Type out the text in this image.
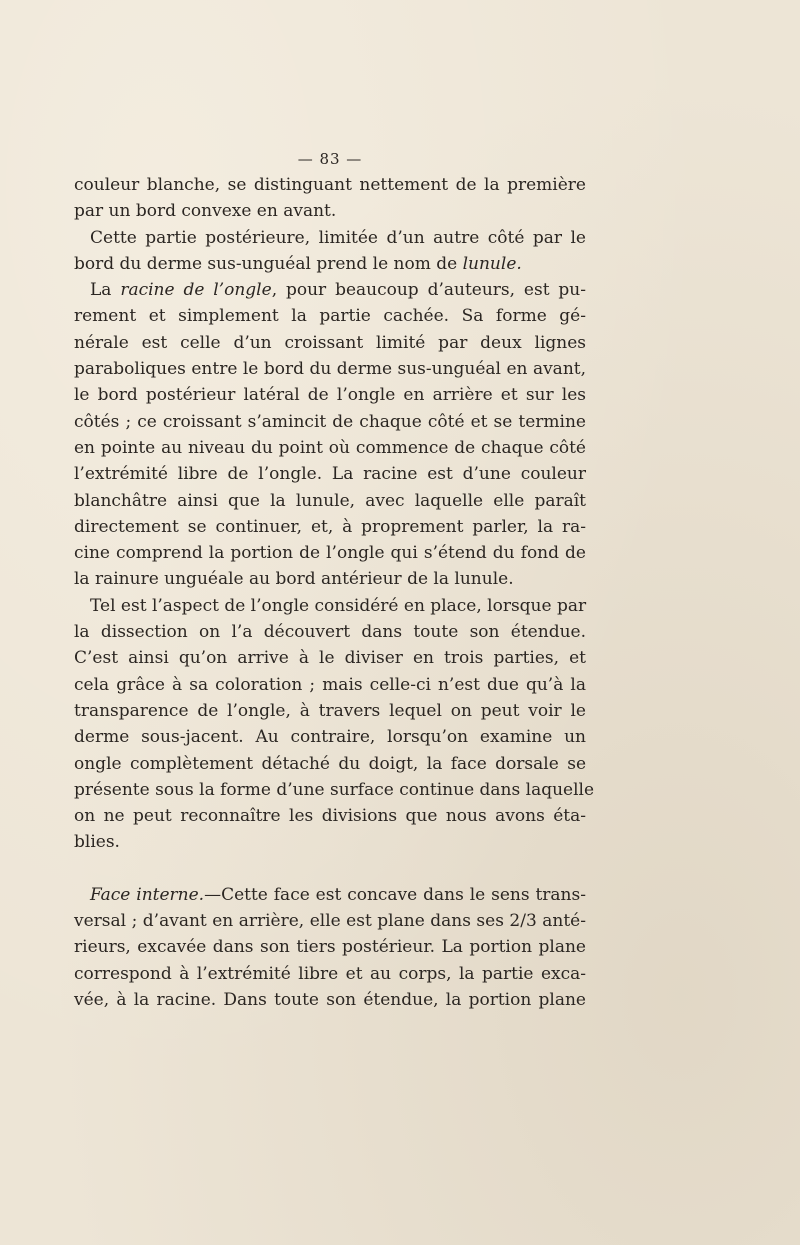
— 83 —
couleur blanche, se distinguant nettement de la première
par un bord convexe en avant.
Cette partie postérieure, limitée d’un autre côté par le
bord du derme sus-unguéal prend le nom de lunule.
La racine de l’ongle, pour beaucoup d’auteurs, est pu-
rement et simplement la partie cachée. Sa forme gé-
nérale est celle d’un croissant limité par deux lignes
paraboliques entre le bord du derme sus-unguéal en avant,
le bord postérieur latéral de l’ongle en arrière et sur les
côtés ; ce croissant s’amincit de chaque côté et se termine
en pointe au niveau du point où commence de chaque côté
l’extrémité libre de l’ongle. La racine est d’une couleur
blanchâtre ainsi que la lunule, avec laquelle elle paraît
directement se continuer, et, à proprement parler, la ra-
cine comprend la portion de l’ongle qui s’étend du fond de
la rainure unguéale au bord antérieur de la lunule.
Tel est l’aspect de l’ongle considéré en place, lorsque par
la dissection on l’a découvert dans toute son étendue.
C’est ainsi qu’on arrive à le diviser en trois parties, et
cela grâce à sa coloration ; mais celle-ci n’est due qu’à la
transparence de l’ongle, à travers lequel on peut voir le
derme sous-jacent. Au contraire, lorsqu’on examine un
ongle complètement détaché du doigt, la face dorsale se
présente sous la forme d’une surface continue dans laquelle
on ne peut reconnaître les divisions que nous avons éta-
blies.
Face interne.—Cette face est concave dans le sens trans-
versal ; d’avant en arrière, elle est plane dans ses 2/3 anté-
rieurs, excavée dans son tiers postérieur. La portion plane
correspond à l’extrémité libre et au corps, la partie exca-
vée, à la racine. Dans toute son étendue, la portion plane
